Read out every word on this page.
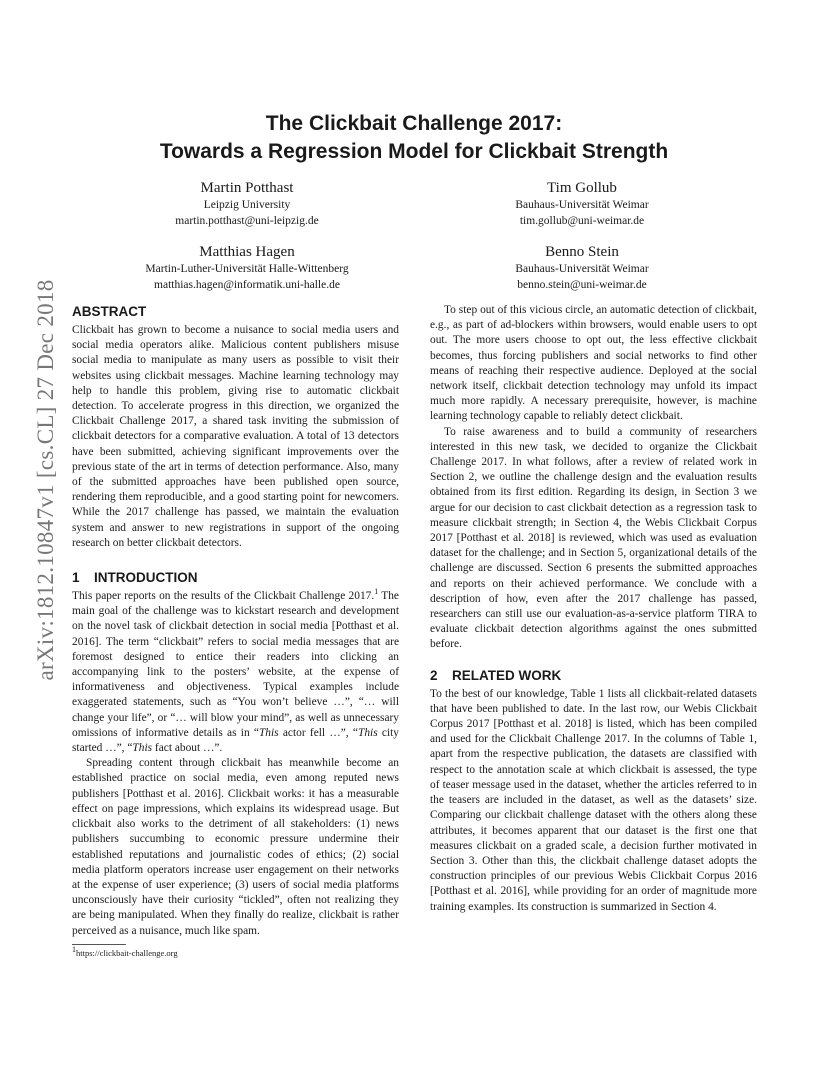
The Clickbait Challenge 2017:
Towards a Regression Model for Clickbait Strength
Martin Potthast
Leipzig University
martin.potthast@uni-leipzig.de
Tim Gollub
Bauhaus-Universität Weimar
tim.gollub@uni-weimar.de
Matthias Hagen
Martin-Luther-Universität Halle-Wittenberg
matthias.hagen@informatik.uni-halle.de
Benno Stein
Bauhaus-Universität Weimar
benno.stein@uni-weimar.de
arXiv:1812.10847v1 [cs.CL] 27 Dec 2018 ABSTRACT

Clickbait has grown to become a nuisance to social media users and social media operators alike. Malicious content publishers misuse social media to manipulate as many users as possible to visit their websites using clickbait messages. Machine learning technology may help to handle this problem, giving rise to automatic clickbait detection. To accelerate progress in this direction, we organized the Clickbait Challenge 2017, a shared task inviting the submission of clickbait detectors for a comparative evaluation. A total of 13 detectors have been submitted, achieving significant improvements over the previous state of the art in terms of detection performance. Also, many of the submitted approaches have been published open source, rendering them reproducible, and a good starting point for newcomers. While the 2017 challenge has passed, we maintain the evaluation system and answer to new registrations in support of the ongoing research on better clickbait detectors.

1 INTRODUCTION

This paper reports on the results of the Clickbait Challenge 2017.$^1$ The main goal of the challenge was to kickstart research and development on the novel task of clickbait detection in social media [Potthast et al. 2016]. The term “clickbait” refers to social media messages that are foremost designed to entice their readers into clicking an accompanying link to the posters’ website, at the expense of informativeness and objectiveness. Typical examples include exaggerated statements, such as “You won’t believe …”, “… will change your life”, or “… will blow your mind”, as well as unnecessary omissions of informative details as in “This actor fell …”, “This city started …”, “This fact about …”.

Spreading content through clickbait has meanwhile become an established practice on social media, even among reputed news publishers [Potthast et al. 2016]. Clickbait works: it has a measurable effect on page impressions, which explains its widespread usage. But clickbait also works to the detriment of all stakeholders: (1) news publishers succumbing to economic pressure undermine their established reputations and journalistic codes of ethics; (2) social media platform operators increase user engagement on their networks at the expense of user experience; (3) users of social media platforms unconsciously have their curiosity “tickled”, often not realizing they are being manipulated. When they finally do realize, clickbait is rather perceived as a nuisance, much like spam.

To step out of this vicious circle, an automatic detection of clickbait, e.g., as part of ad-blockers within browsers, would enable users to opt out. The more users choose to opt out, the less effective clickbait becomes, thus forcing publishers and social networks to find other means of reaching their respective audience. Deployed at the social network itself, clickbait detection technology may unfold its impact much more rapidly. A necessary prerequisite, however, is machine learning technology capable to reliably detect clickbait.

To raise awareness and to build a community of researchers interested in this new task, we decided to organize the Clickbait Challenge 2017. In what follows, after a review of related work in Section 2, we outline the challenge design and the evaluation results obtained from its first edition. Regarding its design, in Section 3 we argue for our decision to cast clickbait detection as a regression task to measure clickbait strength; in Section 4, the Webis Clickbait Corpus 2017 [Potthast et al. 2018] is reviewed, which was used as evaluation dataset for the challenge; and in Section 5, organizational details of the challenge are discussed. Section 6 presents the submitted approaches and reports on their achieved performance. We conclude with a description of how, even after the 2017 challenge has passed, researchers can still use our evaluation-as-a-service platform TIRA to evaluate clickbait detection algorithms against the ones submitted before.

2 RELATED WORK

To the best of our knowledge, Table 1 lists all clickbait-related datasets that have been published to date. In the last row, our Webis Clickbait Corpus 2017 [Potthast et al. 2018] is listed, which has been compiled and used for the Clickbait Challenge 2017. In the columns of Table 1, apart from the respective publication, the datasets are classified with respect to the annotation scale at which clickbait is assessed, the type of teaser message used in the dataset, whether the articles referred to in the teasers are included in the dataset, as well as the datasets’ size. Comparing our clickbait challenge dataset with the others along these attributes, it becomes apparent that our dataset is the first one that measures clickbait on a graded scale, a decision further motivated in Section 3. Other than this, the clickbait challenge dataset adopts the construction principles of our previous Webis Clickbait Corpus 2016 [Potthast et al. 2016], while providing for an order of magnitude more training examples. Its construction is summarized in Section 4.

$^1$https://clickbait-challenge.org
